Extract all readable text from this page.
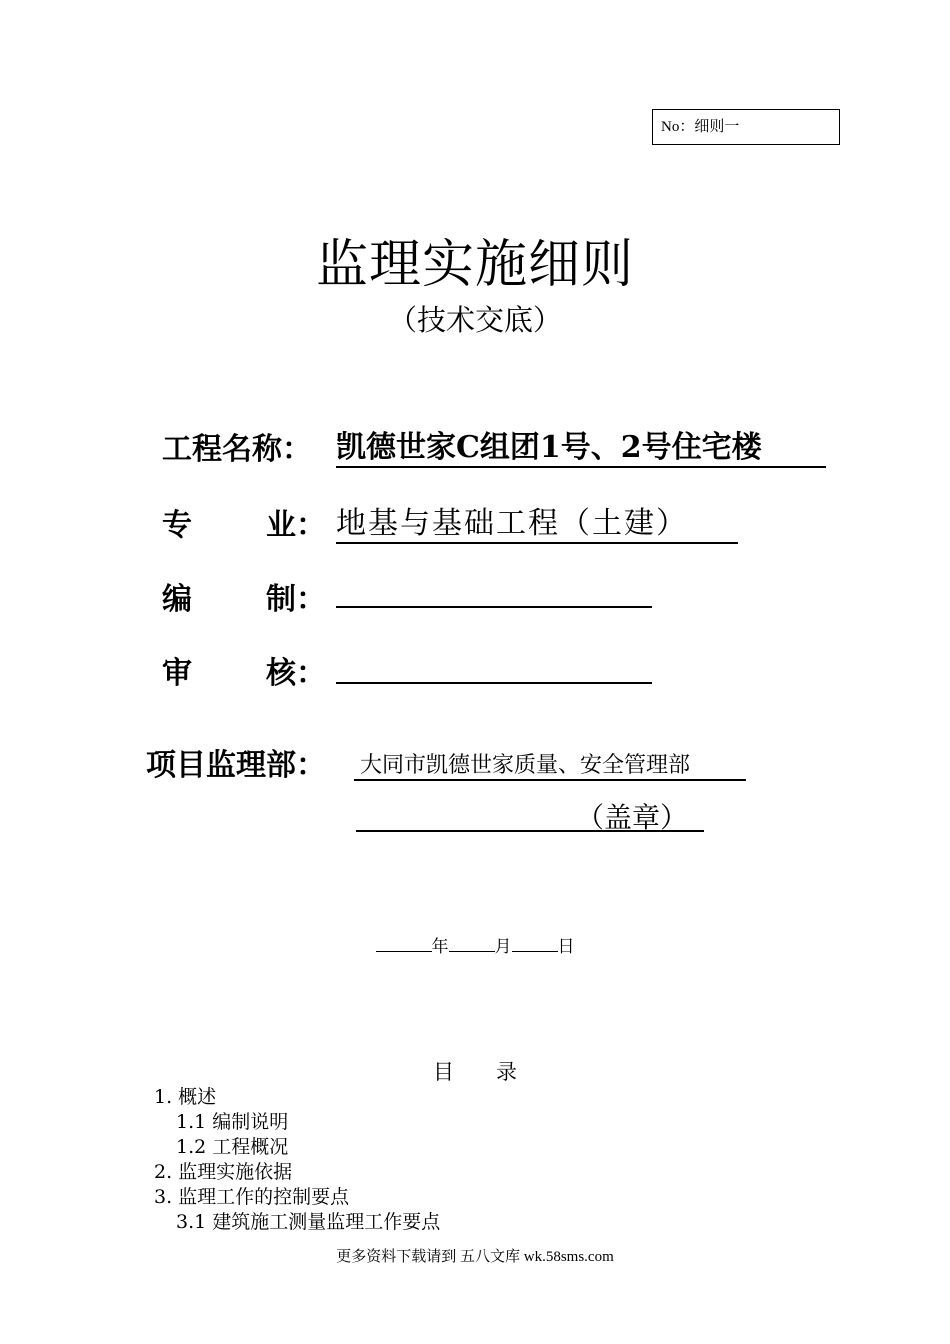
No：细则一
监理实施细则
（技术交底）
工程名称： 凯德世家C组团1号、2号住宅楼
专 业： 地基与基础工程（土建）
编 制：
审 核：
项目监理部： 大同市凯德世家质量、安全管理部
（盖章）
年	月	日
目　　录
1. 概述
1.1 编制说明
1.2 工程概况
2. 监理实施依据
3. 监理工作的控制要点
3.1 建筑施工测量监理工作要点
更多资料下载请到 五八文库 wk.58sms.com
